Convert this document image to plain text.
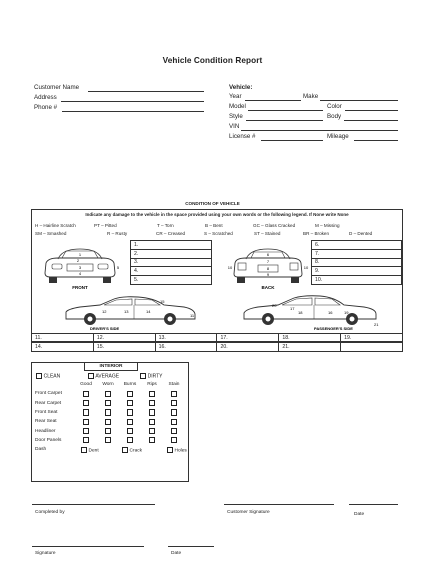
Vehicle Condition Report
Customer Name
Address
Phone #
Vehicle:
Year	Make
Model	Color
Style	Body
VIN
License #	Mileage
CONDITION OF VEHICLE
Indicate any damage to the vehicle in the space provided using your own words or the following legend. If None write None
H – Hairline Scratch	PT – Pitted	T – Torn	B – Bent	GC – Glass Cracked	M – Missing
SM – Smashed	R – Rusty	CR – Creased	S – Scratched	ST – Stained	BR – Broken	D – Dented
1.
2.
3.
4.
5.
6.
7.
8.
9.
10.
1
2
3
4
5
FRONT
6
7
8
9
10	10
BACK
12	14
13
15
11
DRIVER'S SIDE
16
17
18	19
20
21
PASSENGER'S SIDE
11.	12.	13.	17.	18.	19.
14.	15.	16.	20.	21.	
INTERIOR
CLEAN	AVERAGE	DIRTY
	Good	Worn	Burns	Rips	Stain
Front Carpet					
Rear Carpet					
Front Seat					
Rear Seat					
Headliner					
Door Panels					
Dash	Dent		Crack		Holes
Completed by	Customer Signature	Date
Signature	Date
